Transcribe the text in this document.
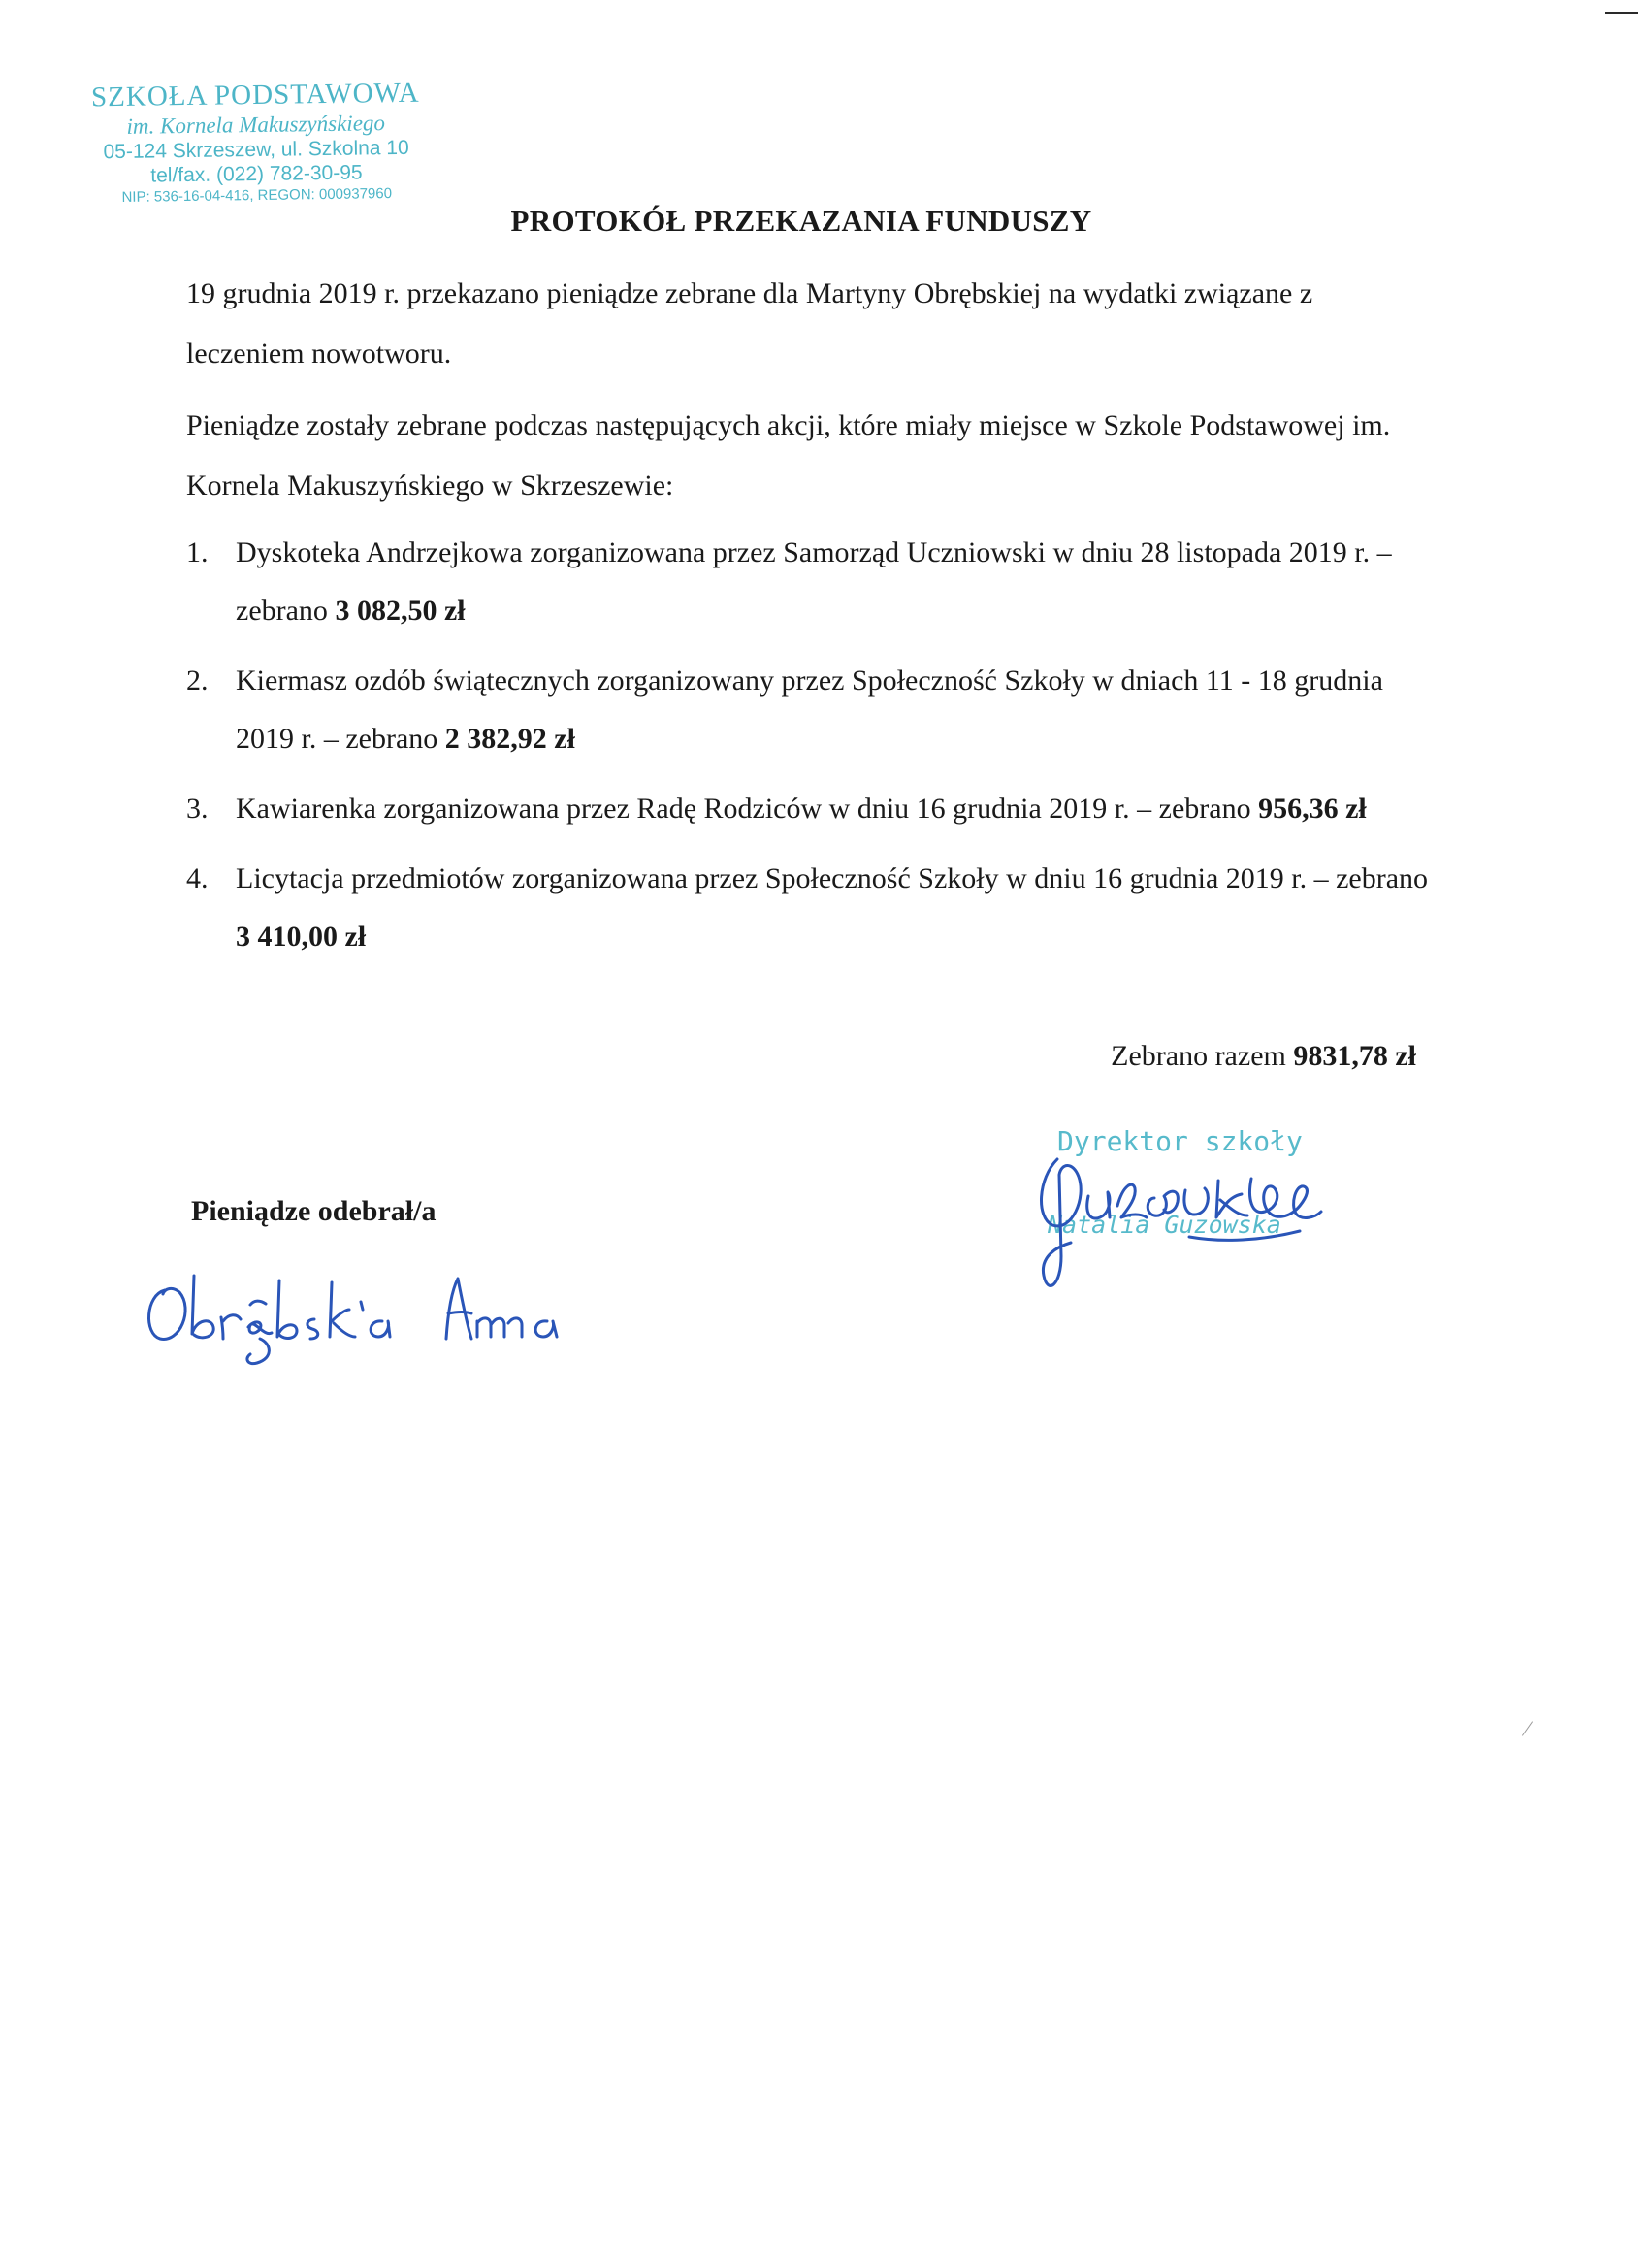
SZKOŁA PODSTAWOWA
im. Kornela Makuszyńskiego
05-124 Skrzeszew, ul. Szkolna 10
tel/fax. (022) 782-30-95
NIP: 536-16-04-416, REGON: 000937960
PROTOKÓŁ PRZEKAZANIA FUNDUSZY

19 grudnia 2019 r. przekazano pieniądze zebrane dla Martyny Obrębskiej na wydatki związane z leczeniem nowotworu.

Pieniądze zostały zebrane podczas następujących akcji, które miały miejsce w Szkole Podstawowej im. Kornela Makuszyńskiego w Skrzeszewie:

1. Dyskoteka Andrzejkowa zorganizowana przez Samorząd Uczniowski w dniu 28 listopada 2019 r. – zebrano 3 082,50 zł
2. Kiermasz ozdób świątecznych zorganizowany przez Społeczność Szkoły w dniach 11 - 18 grudnia 2019 r. – zebrano 2 382,92 zł
3. Kawiarenka zorganizowana przez Radę Rodziców w dniu 16 grudnia 2019 r. – zebrano 956,36 zł
4. Licytacja przedmiotów zorganizowana przez Społeczność Szkoły w dniu 16 grudnia 2019 r. – zebrano 3 410,00 zł

Zebrano razem 9831,78 zł

Pieniądze odebrał/a

Dyrektor szkoły
Natalia Guzowska
